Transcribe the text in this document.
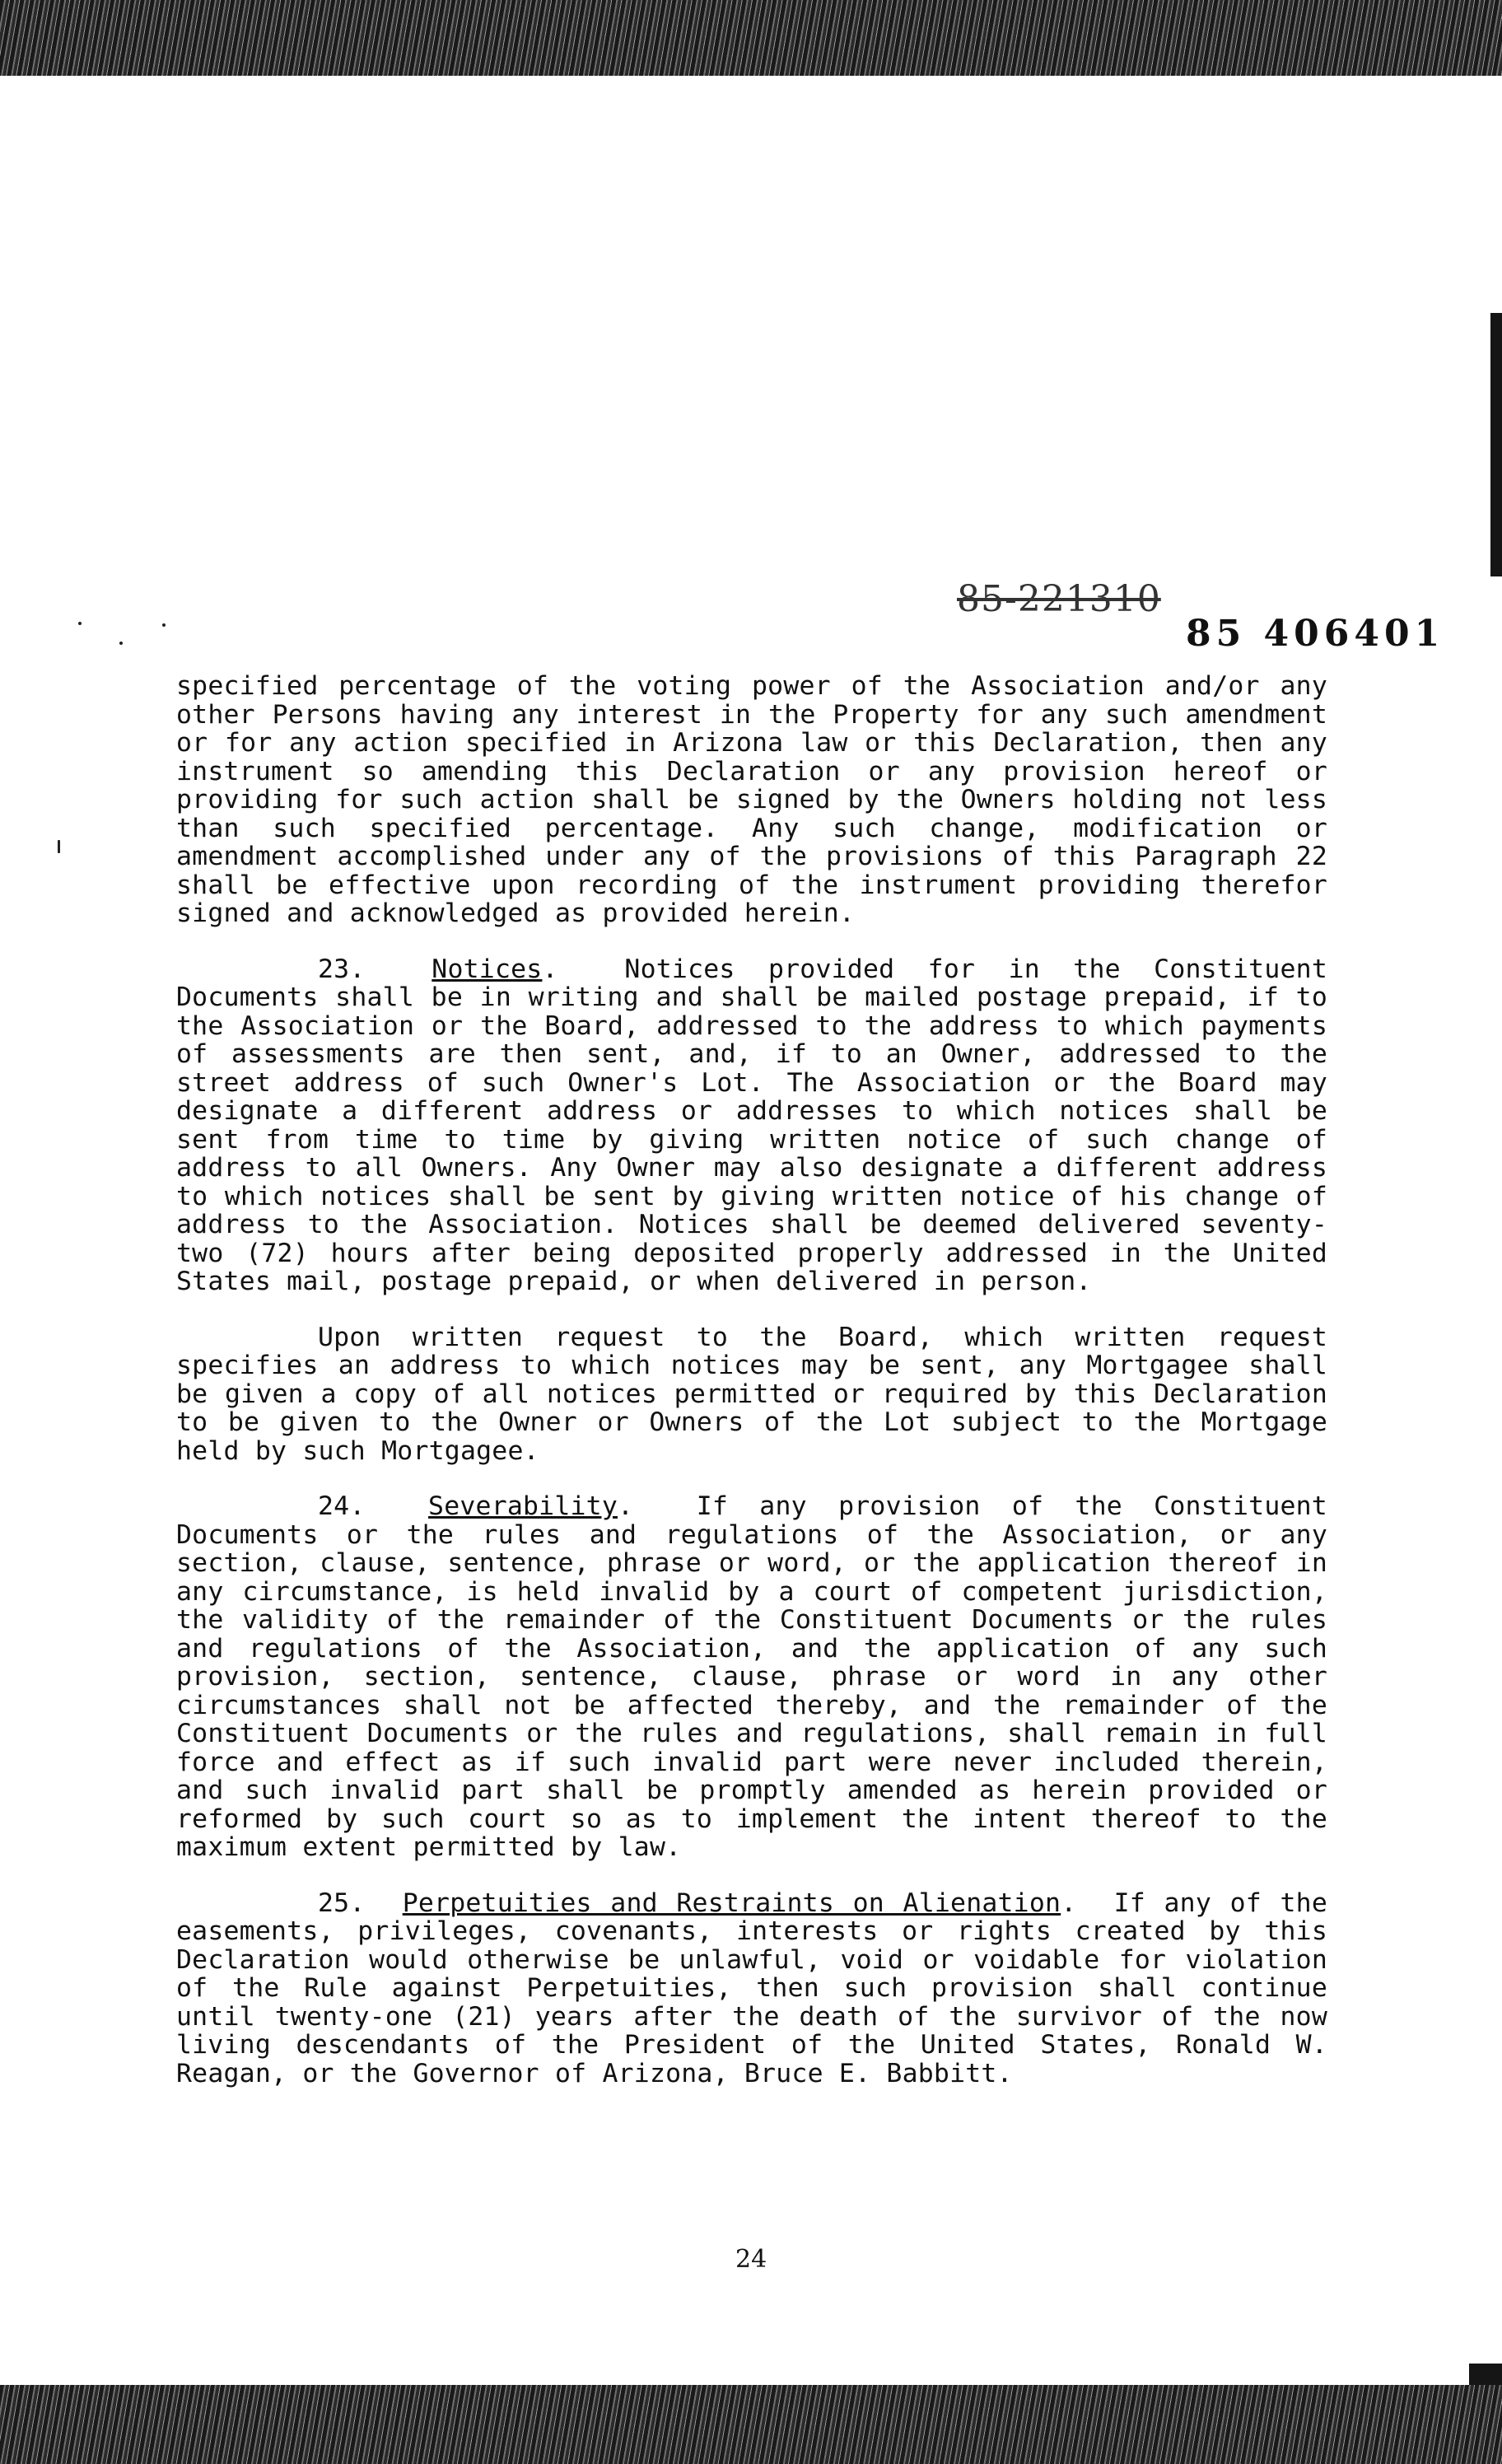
85-221310
85 406401

specified percentage of the voting power of the Association and/or any other Persons having any interest in the Property for any such amendment or for any action specified in Arizona law or this Declaration, then any instrument so amending this Declaration or any provision hereof or providing for such action shall be signed by the Owners holding not less than such specified percentage. Any such change, modification or amendment accomplished under any of the provisions of this Paragraph 22 shall be effective upon recording of the instrument providing therefor signed and acknowledged as provided herein.

23.	Notices.	Notices provided for in the Constituent Documents shall be in writing and shall be mailed postage prepaid, if to the Association or the Board, addressed to the address to which payments of assessments are then sent, and, if to an Owner, addressed to the street address of such Owner's Lot. The Association or the Board may designate a different address or addresses to which notices shall be sent from time to time by giving written notice of such change of address to all Owners. Any Owner may also designate a different address to which notices shall be sent by giving written notice of his change of address to the Association. Notices shall be deemed delivered seventy-two (72) hours after being deposited properly addressed in the United States mail, postage prepaid, or when delivered in person.

Upon written request to the Board, which written request specifies an address to which notices may be sent, any Mortgagee shall be given a copy of all notices permitted or required by this Declaration to be given to the Owner or Owners of the Lot subject to the Mortgage held by such Mortgagee.

24. Severability. If any provision of the Constituent Documents or the rules and regulations of the Association, or any section, clause, sentence, phrase or word, or the application thereof in any circumstance, is held invalid by a court of competent jurisdiction, the validity of the remainder of the Constituent Documents or the rules and regulations of the Association, and the application of any such provision, section, sentence, clause, phrase or word in any other circumstances shall not be affected thereby, and the remainder of the Constituent Documents or the rules and regulations, shall remain in full force and effect as if such invalid part were never included therein, and such invalid part shall be promptly amended as herein provided or reformed by such court so as to implement the intent thereof to the maximum extent permitted by law.

25. Perpetuities and Restraints on Alienation. If any of the easements, privileges, covenants, interests or rights created by this Declaration would otherwise be unlawful, void or voidable for violation of the Rule against Perpetuities, then such provision shall continue until twenty-one (21) years after the death of the survivor of the now living descendants of the President of the United States, Ronald W. Reagan, or the Governor of Arizona, Bruce E. Babbitt.

24
